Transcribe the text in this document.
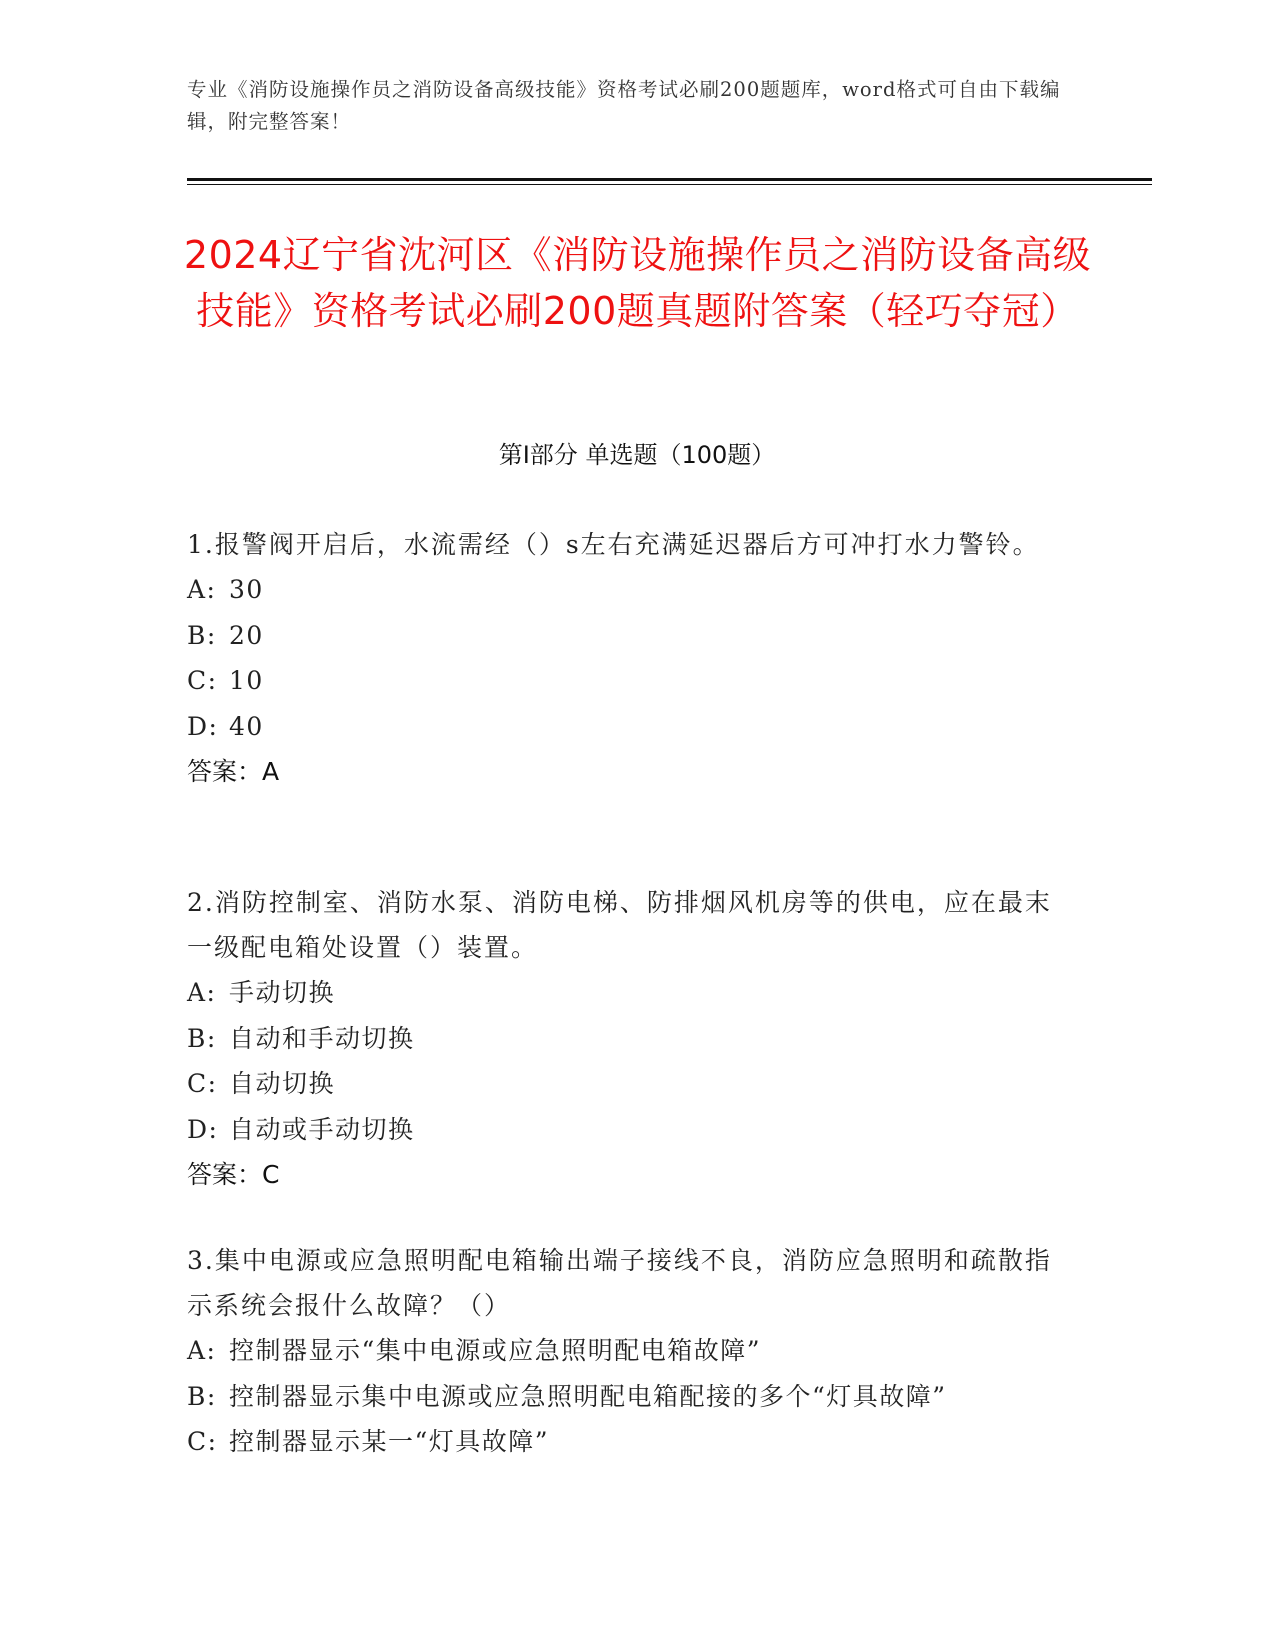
专业《消防设施操作员之消防设备高级技能》资格考试必刷200题题库，word格式可自由下载编辑，附完整答案！
2024辽宁省沈河区《消防设施操作员之消防设备高级技能》资格考试必刷200题真题附答案（轻巧夺冠）
第I部分 单选题（100题）
1.报警阀开启后，水流需经（）s左右充满延迟器后方可冲打水力警铃。
A: 30
B: 20
C: 10
D: 40
答案：A
2.消防控制室、消防水泵、消防电梯、防排烟风机房等的供电，应在最末一级配电箱处设置（）装置。
A: 手动切换
B: 自动和手动切换
C: 自动切换
D: 自动或手动切换
答案：C
3.集中电源或应急照明配电箱输出端子接线不良，消防应急照明和疏散指示系统会报什么故障？（）
A: 控制器显示“集中电源或应急照明配电箱故障”
B: 控制器显示集中电源或应急照明配电箱配接的多个“灯具故障”
C: 控制器显示某一“灯具故障”
